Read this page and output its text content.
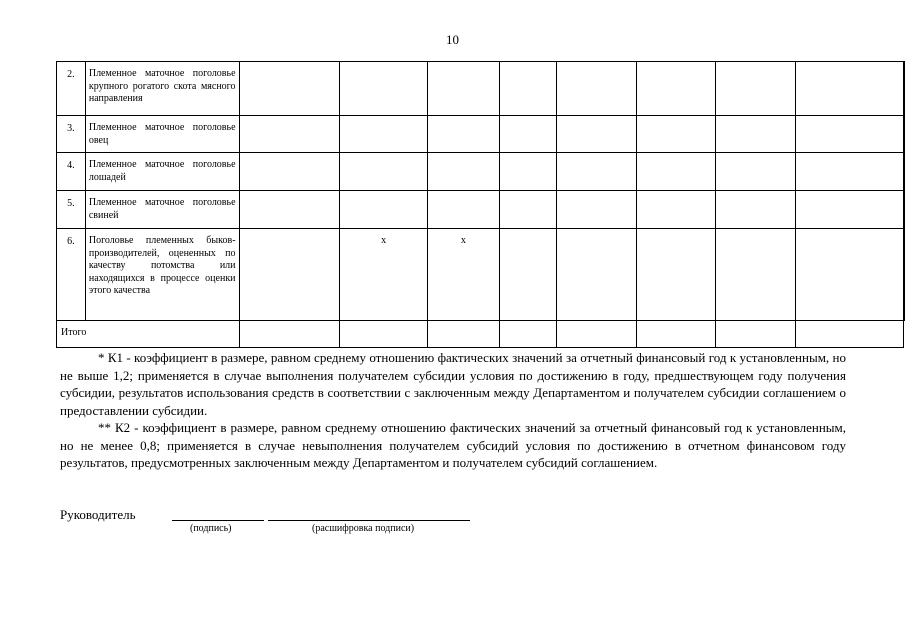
10
2.	Племенное маточное поголовье крупного рогатого скота мясного направления									
3.	Племенное маточное поголовье овец									
4.	Племенное маточное поголовье лошадей									
5.	Племенное маточное поголовье свиней									
6.	Поголовье племенных быков-производителей, оцененных по качеству потомства или находящихся в процессе оценки этого качества		x	x						
Итого										

* К1 - коэффициент в размере, равном среднему отношению фактических значений за отчетный финансовый год к установленным, но не выше 1,2; применяется в случае выполнения получателем субсидии условия по достижению в году, предшествующем году получения субсидии, результатов использования средств в соответствии с заключенным между Департаментом и получателем субсидии соглашением о предоставлении субсидии.

** К2 - коэффициент в размере, равном среднему отношению фактических значений за отчетный финансовый год к установленным, но не менее 0,8; применяется в случае невыполнения получателем субсидий условия по достижению в отчетном финансовом году результатов, предусмотренных заключенным между Департаментом и получателем субсидий соглашением.

Руководитель
(подпись)	(расшифровка подписи)
